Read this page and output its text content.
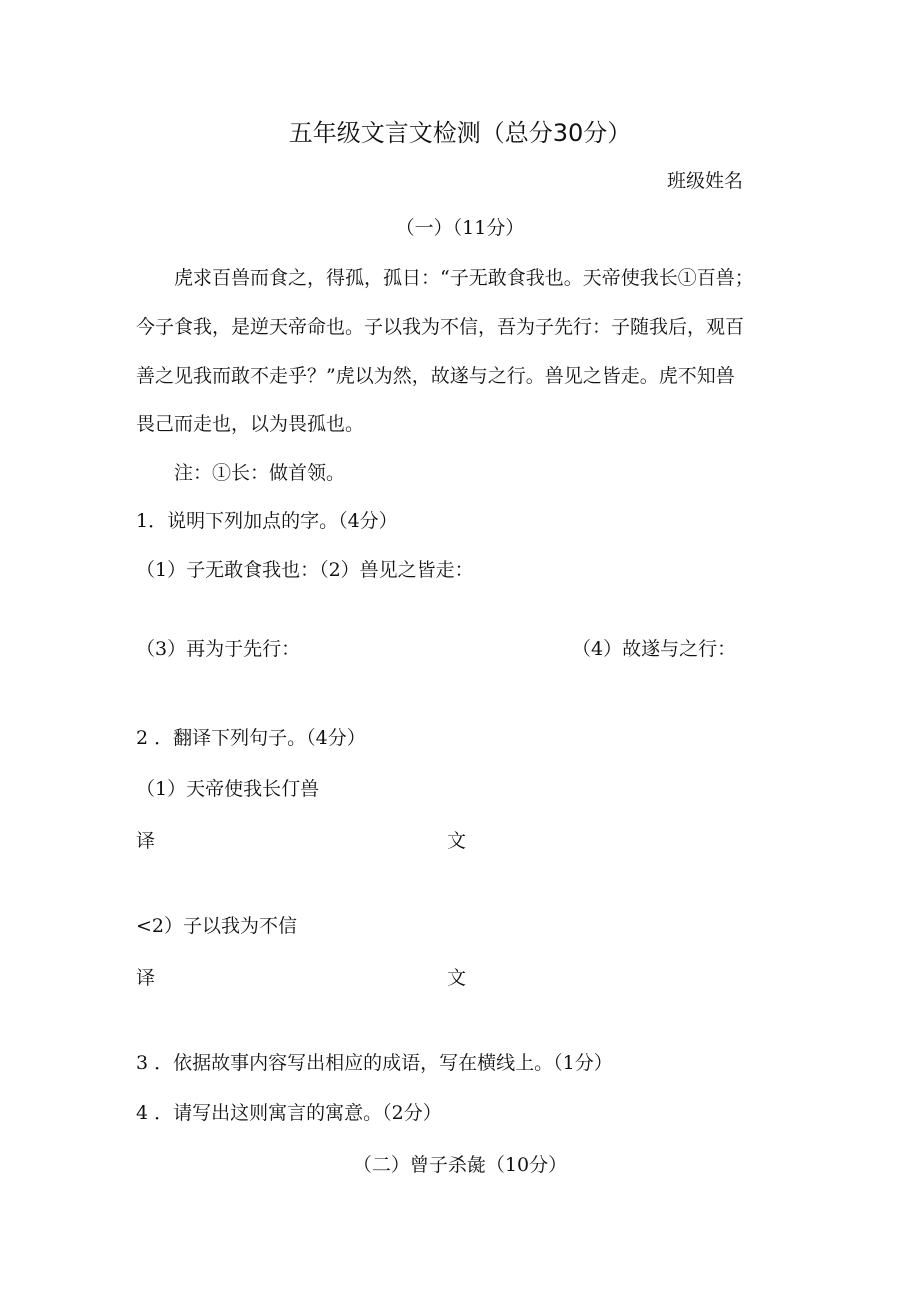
五年级文言文检测（总分30分）
班级姓名
（一）（11分）
虎求百兽而食之，得孤，孤日：“子无敢食我也。天帝使我长①百兽；
今子食我，是逆天帝命也。子以我为不信，吾为子先行：子随我后，观百
善之见我而敢不走乎？”虎以为然，故遂与之行。兽见之皆走。虎不知兽
畏己而走也，以为畏孤也。
注：①长：做首领。
1．说明下列加点的字。（4分）
（1）子无敢食我也：（2）兽见之皆走：
（3）再为于先行：	（4）故遂与之行：
2 ．翻译下列句子。（4分）
（1）天帝使我长仃兽
译	文
<2）子以我为不信
译	文
3 ．依据故事内容写出相应的成语，写在横线上。（1分）
4 ．请写出这则寓言的寓意。（2分）
（二）曾子杀彘（10分）
